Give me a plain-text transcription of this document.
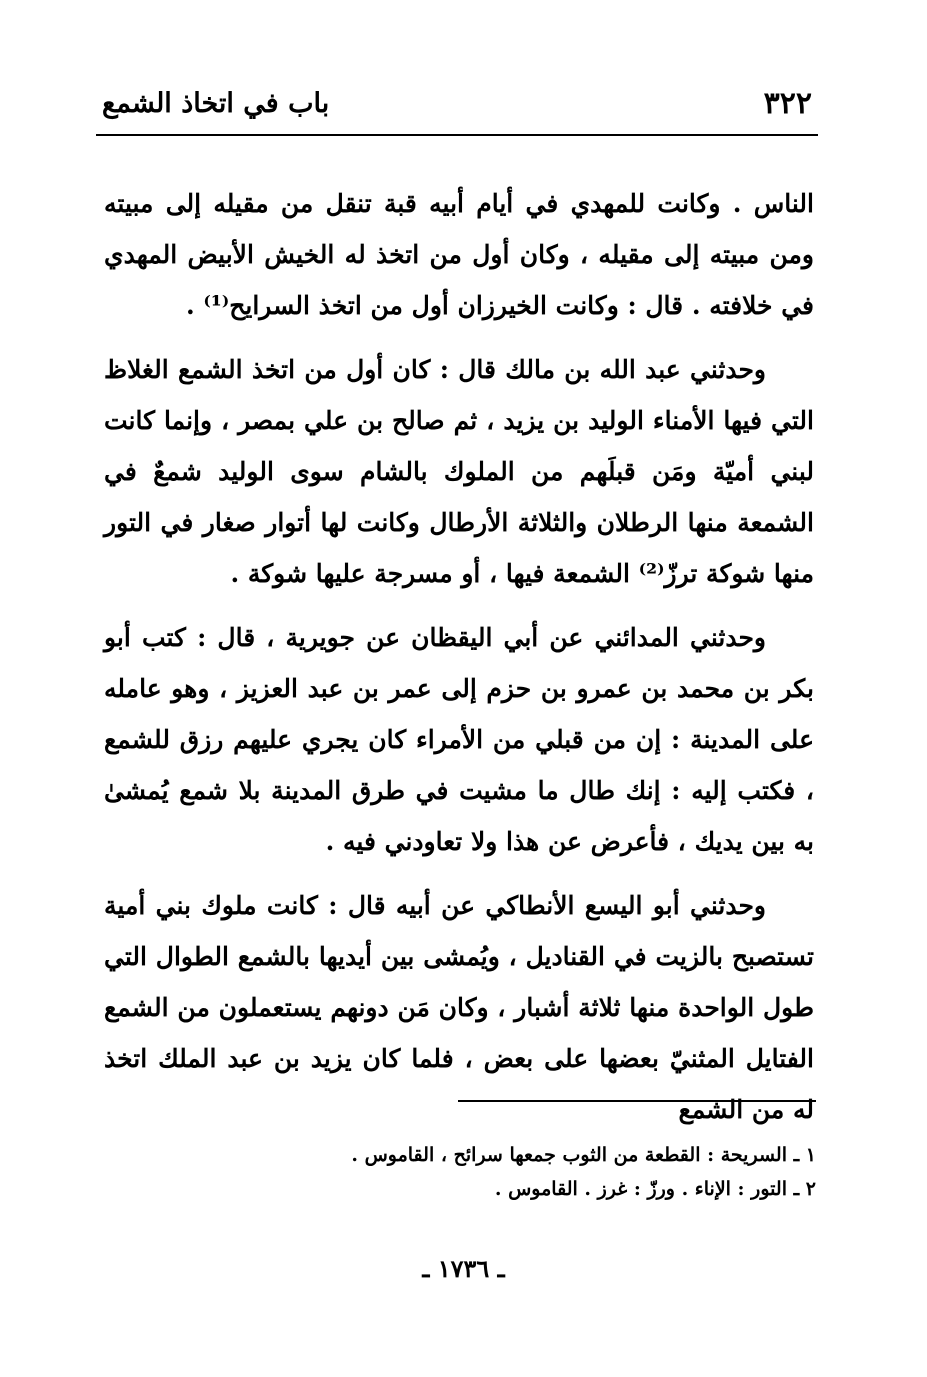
٣٢٢
باب في اتخاذ الشمع

الناس . وكانت للمهدي في أيام أبيه قبة تنقل من مقيله إلى مبيته ومن مبيته إلى مقيله ، وكان أول من اتخذ له الخيش الأبيض المهدي في خلافته . قال : وكانت الخيرزان أول من اتخذ السرايح⁽¹⁾ .

وحدثني عبد الله بن مالك قال : كان أول من اتخذ الشمع الغلاظ التي فيها الأمناء الوليد بن يزيد ، ثم صالح بن علي بمصر ، وإنما كانت لبني أميّة ومَن قبلَهم من الملوك بالشام سوى الوليد شمعٌ في الشمعة منها الرطلان والثلاثة الأرطال وكانت لها أتوار صغار في التور منها شوكة ترزّ⁽²⁾ الشمعة فيها ، أو مسرجة عليها شوكة .

وحدثني المدائني عن أبي اليقظان عن جويرية ، قال : كتب أبو بكر بن محمد بن عمرو بن حزم إلى عمر بن عبد العزيز ، وهو عامله على المدينة : إن من قبلي من الأمراء كان يجري عليهم رزق للشمع ، فكتب إليه : إنك طال ما مشيت في طرق المدينة بلا شمع يُمشىٰ به بين يديك ، فأعرض عن هذا ولا تعاودني فيه .

وحدثني أبو اليسع الأنطاكي عن أبيه قال : كانت ملوك بني أمية تستصبح بالزيت في القناديل ، ويُمشى بين أيديها بالشمع الطوال التي طول الواحدة منها ثلاثة أشبار ، وكان مَن دونهم يستعملون من الشمع الفتايل المثنيّ بعضها على بعض ، فلما كان يزيد بن عبد الملك اتخذ له من الشمع

١ ـ السريحة : القطعة من الثوب جمعها سرائح ، القاموس .
٢ ـ التور : الإناء . ورزّ : غرز . القاموس .
ـ ١٧٣٦ ـ
